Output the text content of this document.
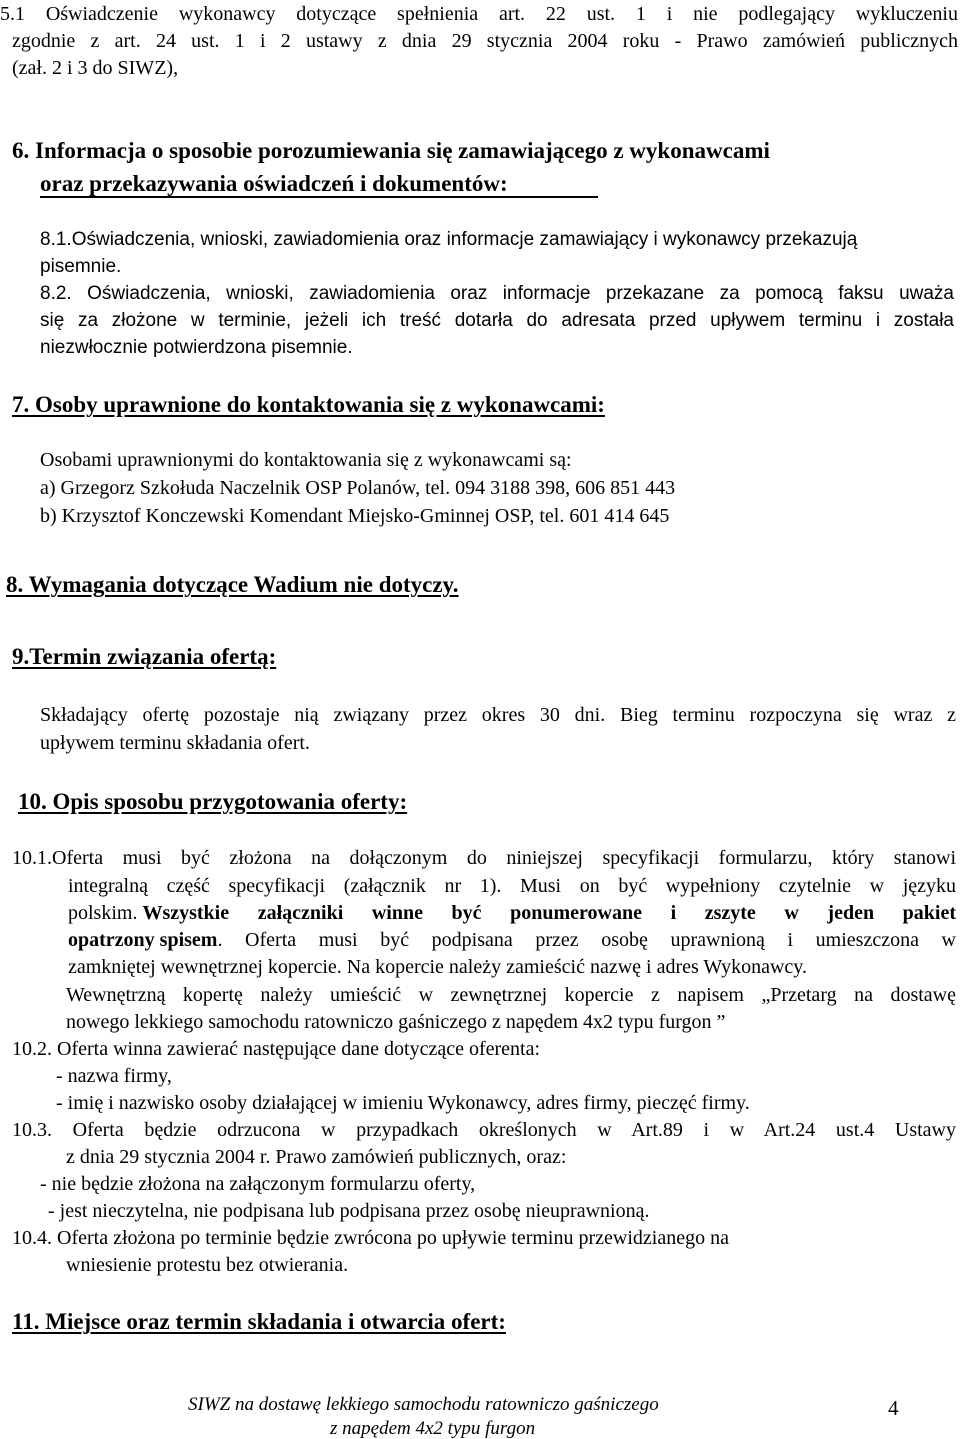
5.1 Oświadczenie wykonawcy dotyczące spełnienia art. 22 ust. 1 i nie podlegający wykluczeniu
zgodnie z art. 24 ust. 1 i 2 ustawy z dnia 29 stycznia 2004 roku - Prawo zamówień publicznych
(zał. 2 i 3 do SIWZ),
6. Informacja o sposobie porozumiewania się zamawiającego z wykonawcami
oraz przekazywania oświadczeń i dokumentów:
8.1.Oświadczenia, wnioski, zawiadomienia oraz informacje zamawiający i wykonawcy przekazują
pisemnie.
8.2. Oświadczenia, wnioski, zawiadomienia oraz informacje przekazane za pomocą faksu uważa
się za złożone w terminie, jeżeli ich treść dotarła do adresata przed upływem terminu i została
niezwłocznie potwierdzona pisemnie.
7. Osoby uprawnione do kontaktowania się z wykonawcami:
Osobami uprawnionymi do kontaktowania się z wykonawcami są:
a) Grzegorz Szkołuda Naczelnik OSP Polanów, tel. 094 3188 398, 606 851 443
b) Krzysztof Konczewski Komendant Miejsko-Gminnej OSP, tel. 601 414 645
8. Wymagania dotyczące Wadium nie dotyczy.
9.Termin związania ofertą:
Składający ofertę pozostaje nią związany przez okres 30 dni. Bieg terminu rozpoczyna się wraz z
upływem terminu składania ofert.
10. Opis sposobu przygotowania oferty:
10.1.Oferta musi być złożona na dołączonym do niniejszej specyfikacji formularzu, który stanowi
integralną część specyfikacji (załącznik nr 1). Musi on być wypełniony czytelnie w języku
polskim. Wszystkie załączniki winne być ponumerowane i zszyte w jeden pakiet
opatrzony spisem . Oferta musi być podpisana przez osobę uprawnioną i umieszczona w
zamkniętej wewnętrznej kopercie. Na kopercie należy zamieścić nazwę i adres Wykonawcy.
Wewnętrzną kopertę należy umieścić w zewnętrznej kopercie z napisem „Przetarg na dostawę
nowego lekkiego samochodu ratowniczo gaśniczego z napędem 4x2 typu furgon ”
10.2. Oferta winna zawierać następujące dane dotyczące oferenta:
- nazwa firmy,
- imię i nazwisko osoby działającej w imieniu Wykonawcy, adres firmy, pieczęć firmy.
10.3. Oferta będzie odrzucona w przypadkach określonych w Art.89 i w Art.24 ust.4 Ustawy
z dnia 29 stycznia 2004 r. Prawo zamówień publicznych, oraz:
- nie będzie złożona na załączonym formularzu oferty,
- jest nieczytelna, nie podpisana lub podpisana przez osobę nieuprawnioną.
10.4. Oferta złożona po terminie będzie zwrócona po upływie terminu przewidzianego na
wniesienie protestu bez otwierania.
11. Miejsce oraz termin składania i otwarcia ofert:
SIWZ na dostawę lekkiego samochodu ratowniczo gaśniczego
z napędem 4x2 typu furgon
4
